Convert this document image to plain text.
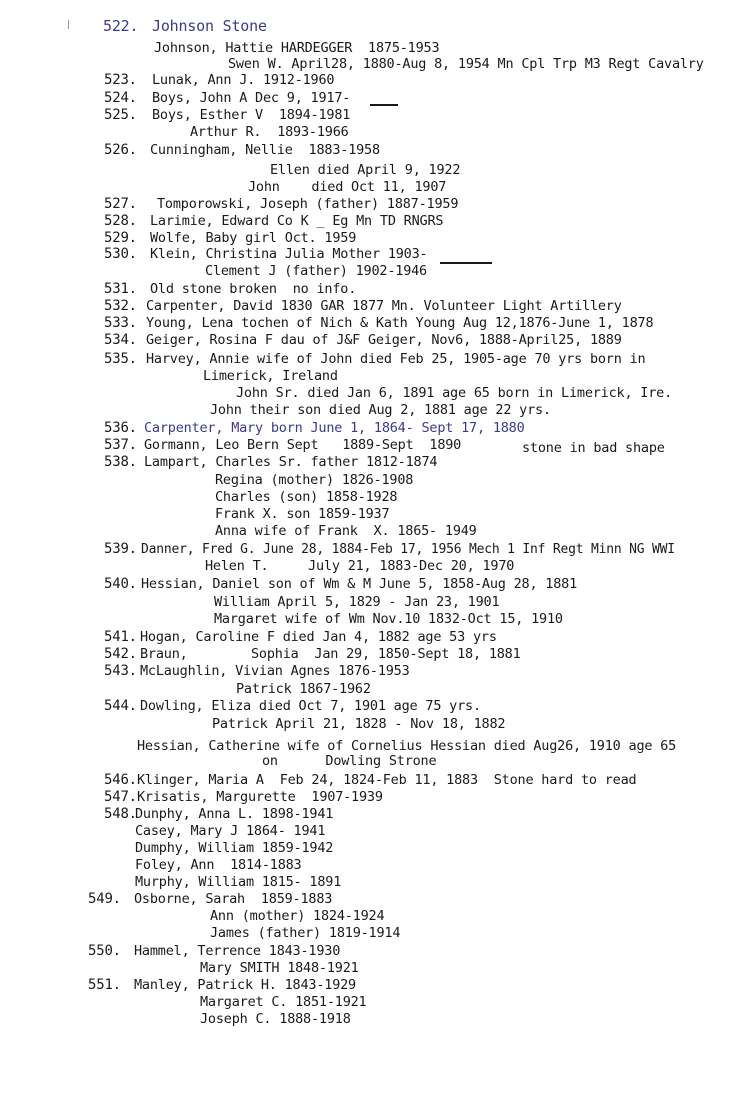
522. Johnson Stone
Johnson, Hattie HARDEGGER  1875-1953
Swen W. April28, 1880-Aug 8, 1954 Mn Cpl Trp M3 Regt Cavalry
523. Lunak, Ann J. 1912-1960
524. Boys, John A Dec 9, 1917-
525. Boys, Esther V  1894-1981
Arthur R.  1893-1966
526. Cunningham, Nellie  1883-1958
Ellen died April 9, 1922
John    died Oct 11, 1907
527. Tomporowski, Joseph (father) 1887-1959
528. Larimie, Edward Co K _ Eg Mn TD RNGRS
529. Wolfe, Baby girl Oct. 1959
530. Klein, Christina Julia Mother 1903-
Clement J (father) 1902-1946
531. Old stone broken  no info.
532. Carpenter, David 1830 GAR 1877 Mn. Volunteer Light Artillery
533. Young, Lena tochen of Nich & Kath Young Aug 12,1876-June 1, 1878
534. Geiger, Rosina F dau of J&F Geiger, Nov6, 1888-April25, 1889
535. Harvey, Annie wife of John died Feb 25, 1905-age 70 yrs born in
Limerick, Ireland
John Sr. died Jan 6, 1891 age 65 born in Limerick, Ire.
John their son died Aug 2, 1881 age 22 yrs.
536. Carpenter, Mary born June 1, 1864- Sept 17, 1880
537. Gormann, Leo Bern Sept   1889-Sept  1890	stone in bad shape
538. Lampart, Charles Sr. father 1812-1874
Regina (mother) 1826-1908
Charles (son) 1858-1928
Frank X. son 1859-1937
Anna wife of Frank  X. 1865- 1949
539. Danner, Fred G. June 28, 1884-Feb 17, 1956 Mech 1 Inf Regt Minn NG WWI
Helen T.     July 21, 1883-Dec 20, 1970
540. Hessian, Daniel son of Wm & M June 5, 1858-Aug 28, 1881
William April 5, 1829 - Jan 23, 1901
Margaret wife of Wm Nov.10 1832-Oct 15, 1910
541. Hogan, Caroline F died Jan 4, 1882 age 53 yrs
542. Braun,        Sophia  Jan 29, 1850-Sept 18, 1881
543. McLaughlin, Vivian Agnes 1876-1953
Patrick 1867-1962
544. Dowling, Eliza died Oct 7, 1901 age 75 yrs.
Patrick April 21, 1828 - Nov 18, 1882
Hessian, Catherine wife of Cornelius Hessian died Aug26, 1910 age 65
on      Dowling Strone
546. Klinger, Maria A  Feb 24, 1824-Feb 11, 1883  Stone hard to read
547. Krisatis, Margurette  1907-1939
548.
Dunphy, Anna L. 1898-1941
Casey, Mary J 1864- 1941
Dumphy, William 1859-1942
Foley, Ann  1814-1883
Murphy, William 1815- 1891
549. Osborne, Sarah  1859-1883
Ann (mother) 1824-1924
James (father) 1819-1914
550. Hammel, Terrence 1843-1930
Mary SMITH 1848-1921
551. Manley, Patrick H. 1843-1929
Margaret C. 1851-1921
Joseph C. 1888-1918
